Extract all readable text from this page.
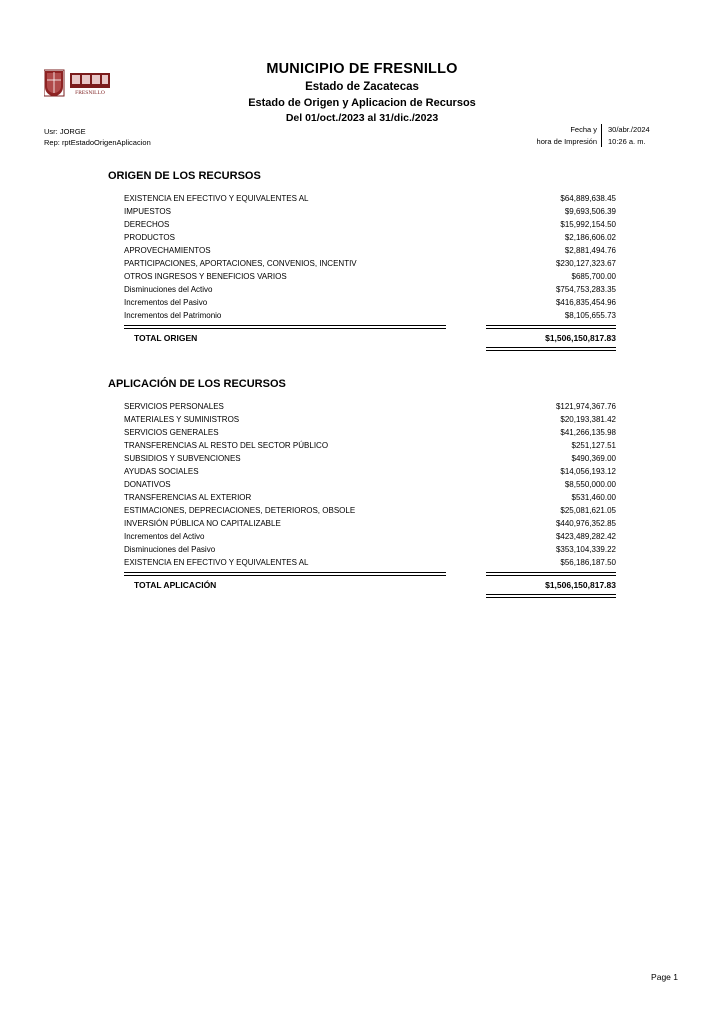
FRESNILLO
MUNICIPIO DE FRESNILLO
Estado de Zacatecas
Estado de Origen y Aplicacion de Recursos
Del 01/oct./2023 al 31/dic./2023
Usr: JORGE
Rep: rptEstadoOrigenAplicacion
Fecha y	30/abr./2024
hora de Impresión	10:26 a. m.
ORIGEN DE LOS RECURSOS
EXISTENCIA EN EFECTIVO Y EQUIVALENTES AL	$64,889,638.45
IMPUESTOS	$9,693,506.39
DERECHOS	$15,992,154.50
PRODUCTOS	$2,186,606.02
APROVECHAMIENTOS	$2,881,494.76
PARTICIPACIONES, APORTACIONES, CONVENIOS, INCENTIV	$230,127,323.67
OTROS INGRESOS Y BENEFICIOS VARIOS	$685,700.00
Disminuciones del Activo	$754,753,283.35
Incrementos del Pasivo	$416,835,454.96
Incrementos del Patrimonio	$8,105,655.73

TOTAL ORIGEN	$1,506,150,817.83

APLICACIÓN DE LOS RECURSOS
SERVICIOS PERSONALES	$121,974,367.76
MATERIALES Y SUMINISTROS	$20,193,381.42
SERVICIOS GENERALES	$41,266,135.98
TRANSFERENCIAS AL RESTO DEL SECTOR PÚBLICO	$251,127.51
SUBSIDIOS Y SUBVENCIONES	$490,369.00
AYUDAS SOCIALES	$14,056,193.12
DONATIVOS	$8,550,000.00
TRANSFERENCIAS AL EXTERIOR	$531,460.00
ESTIMACIONES, DEPRECIACIONES, DETERIOROS, OBSOLE	$25,081,621.05
INVERSIÓN PÚBLICA NO CAPITALIZABLE	$440,976,352.85
Incrementos del Activo	$423,489,282.42
Disminuciones del Pasivo	$353,104,339.22
EXISTENCIA EN EFECTIVO Y EQUIVALENTES AL	$56,186,187.50

TOTAL APLICACIÓN	$1,506,150,817.83

Page 1
